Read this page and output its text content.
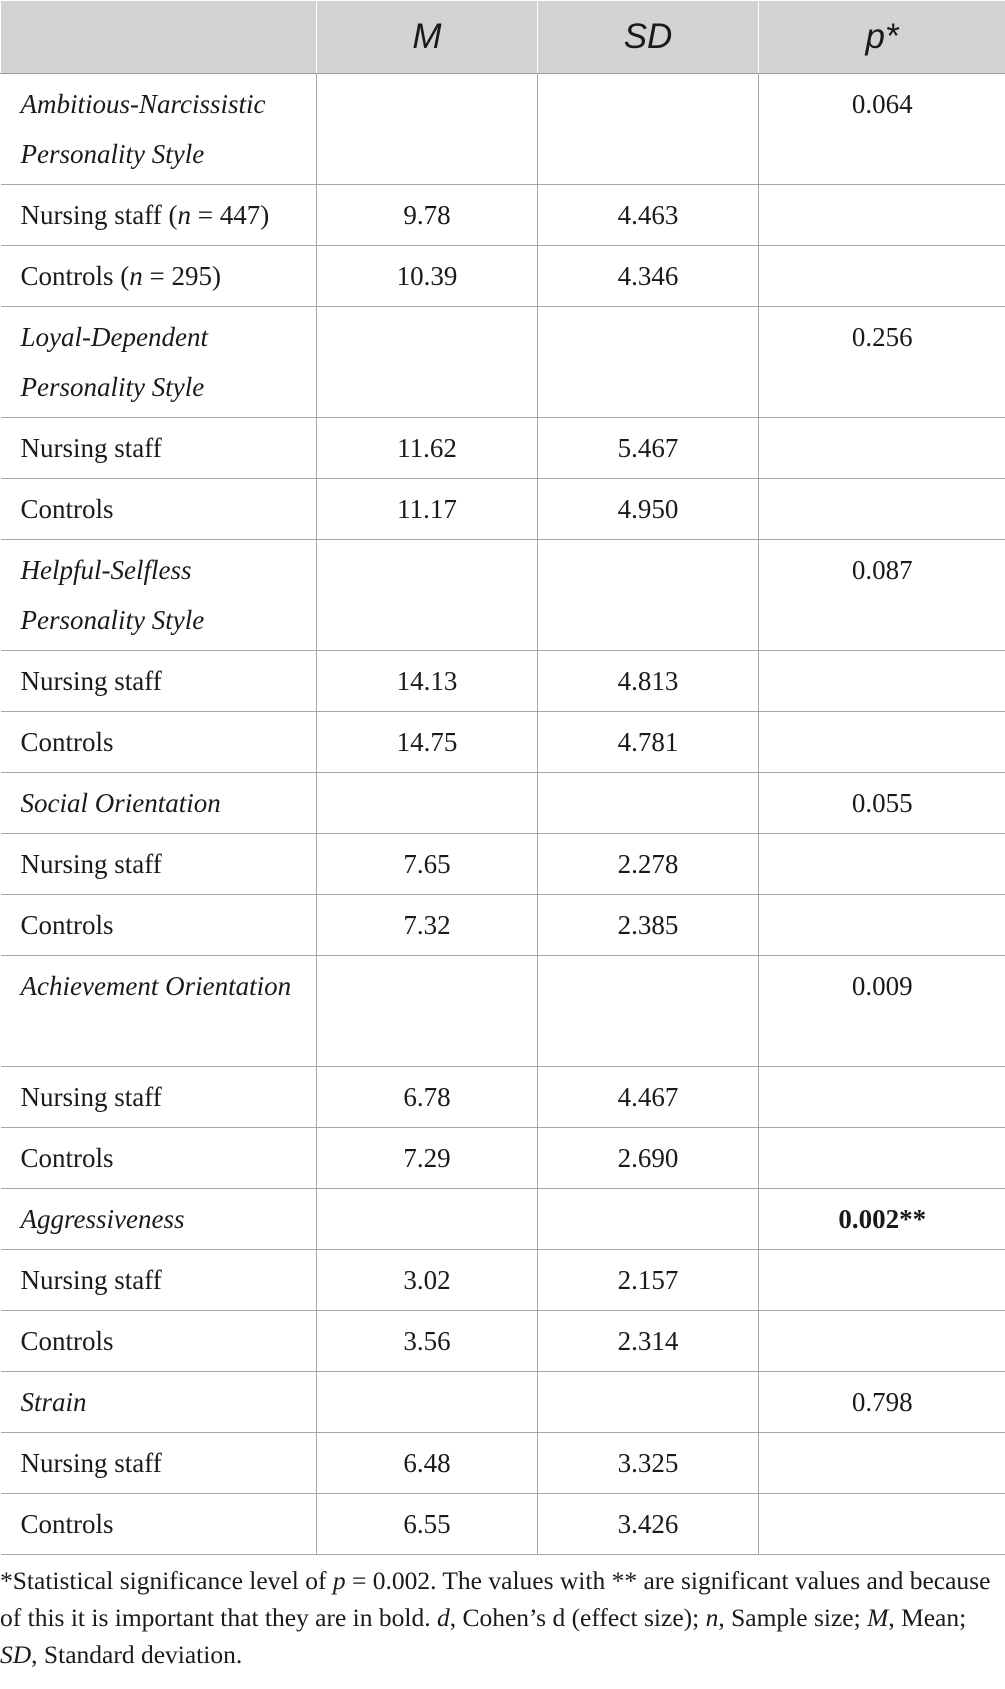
	M	SD	p*
Ambitious-Narcissistic Personality Style			0.064
Nursing staff (n = 447)	9.78	4.463	
Controls (n = 295)	10.39	4.346	
Loyal-Dependent Personality Style			0.256
Nursing staff	11.62	5.467	
Controls	11.17	4.950	
Helpful-Selfless Personality Style			0.087
Nursing staff	14.13	4.813	
Controls	14.75	4.781	
Social Orientation			0.055
Nursing staff	7.65	2.278	
Controls	7.32	2.385	
Achievement Orientation			0.009
Nursing staff	6.78	4.467	
Controls	7.29	2.690	
Aggressiveness			0.002**
Nursing staff	3.02	2.157	
Controls	3.56	2.314	
Strain			0.798
Nursing staff	6.48	3.325	
Controls	6.55	3.426	
*Statistical significance level of p = 0.002. The values with ** are significant values and because of this it is important that they are in bold. d, Cohen’s d (effect size); n, Sample size; M, Mean; SD, Standard deviation.
